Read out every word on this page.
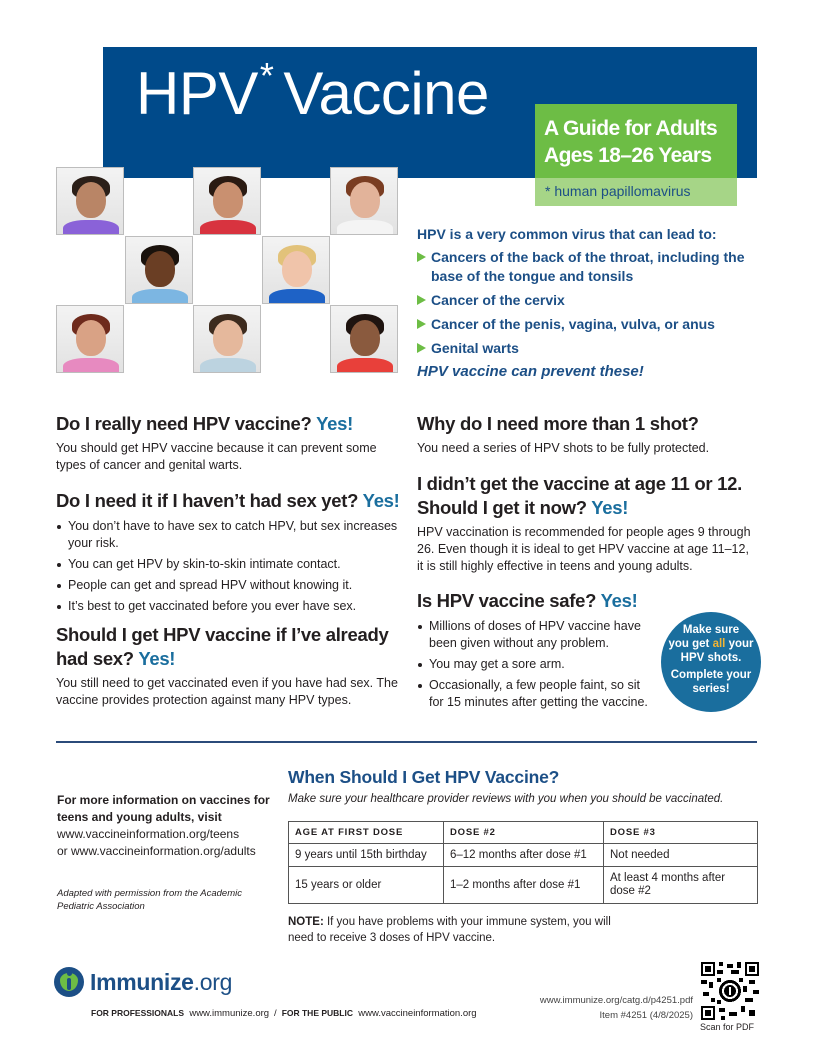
HPV* Vaccine
A Guide for Adults
Ages 18–26 Years
* human papillomavirus
HPV is a very common virus that can lead to:
Cancers of the back of the throat, including the base of the tongue and tonsils
Cancer of the cervix
Cancer of the penis, vagina, vulva, or anus
Genital warts
HPV vaccine can prevent these!
Do I really need HPV vaccine? Yes!

You should get HPV vaccine because it can prevent some types of cancer and genital warts.

Do I need it if I haven’t had sex yet? Yes!
You don’t have to have sex to catch HPV, but sex increases your risk.
You can get HPV by skin-to-skin intimate contact.
People can get and spread HPV without knowing it.
It’s best to get vaccinated before you ever have sex.
Should I get HPV vaccine if I’ve already had sex? Yes!

You still need to get vaccinated even if you have had sex. The vaccine provides protection against many HPV types.

Why do I need more than 1 shot?

You need a series of HPV shots to be fully protected.

I didn’t get the vaccine at age 11 or 12. Should I get it now? Yes!

HPV vaccination is recommended for people ages 9 through 26. Even though it is ideal to get HPV vaccine at age 11–12, it is still highly effective in teens and young adults.

Is HPV vaccine safe? Yes!
Millions of doses of HPV vaccine have been given without any problem.
You may get a sore arm.
Occasionally, a few people faint, so sit for 15 minutes after getting the vaccine.
Make sure
you get all your
HPV shots.
Complete your
series!
For more information on vaccines for teens and young adults, visit
www.vaccineinformation.org/teens
or www.vaccineinformation.org/adults
Adapted with permission from the Academic Pediatric Association
When Should I Get HPV Vaccine?
Make sure your healthcare provider reviews with you when you should be vaccinated.
AGE AT FIRST DOSE	DOSE #2	DOSE #3
9 years until 15th birthday	6–12 months after dose #1	Not needed
15 years or older	1–2 months after dose #1	At least 4 months after dose #2
NOTE: If you have problems with your immune system, you will need to receive 3 doses of HPV vaccine.
Immunize.org
FOR PROFESSIONALS www.immunize.org / FOR THE PUBLIC www.vaccineinformation.org
www.immunize.org/catg.d/p4251.pdf
Item #4251 (4/8/2025)
Scan for PDF
